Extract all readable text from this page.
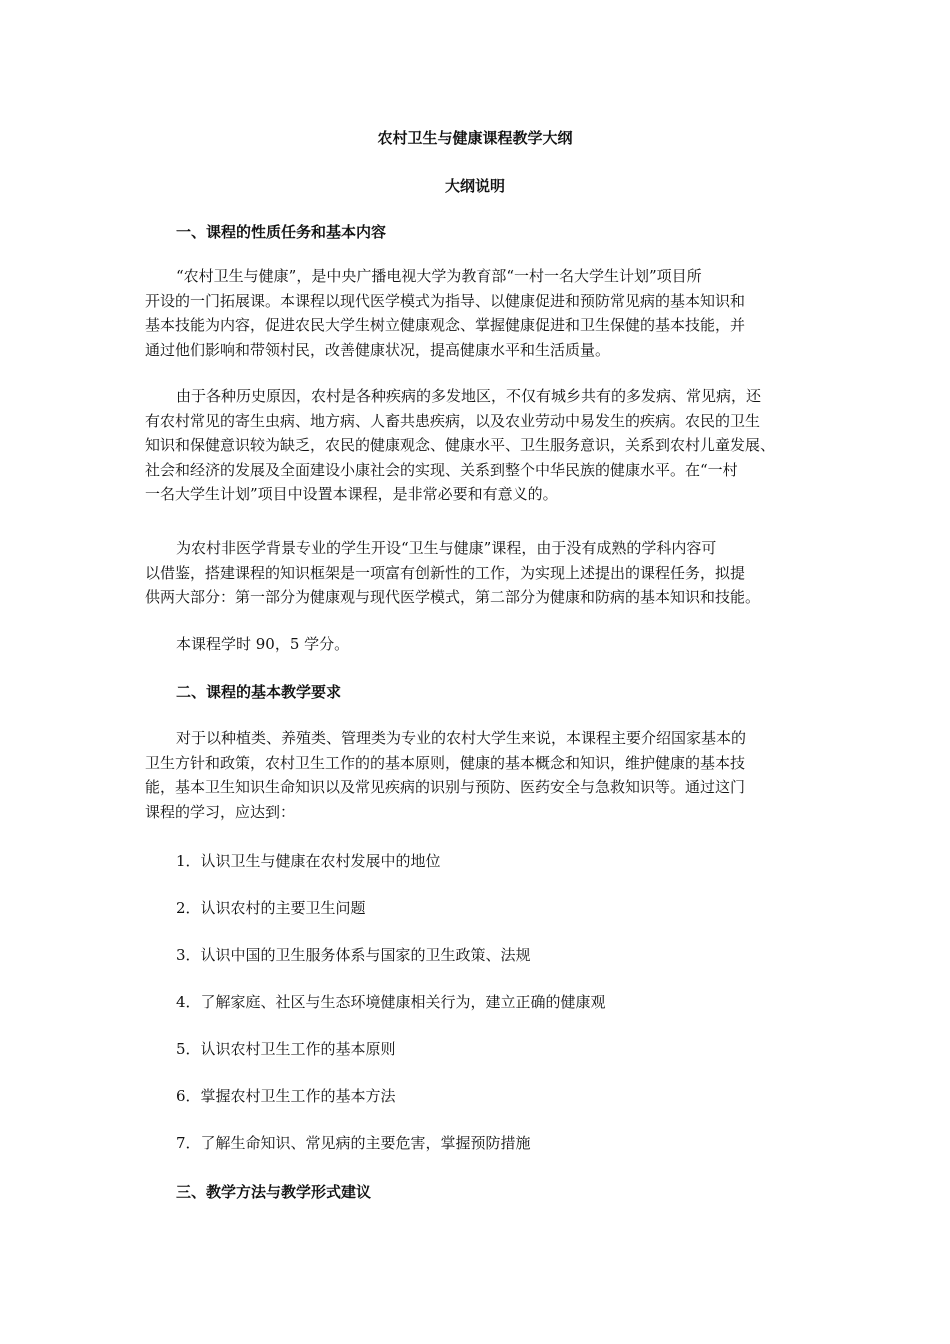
农村卫生与健康课程教学大纲
大纲说明
一、课程的性质任务和基本内容

“农村卫生与健康”，是中央广播电视大学为教育部“一村一名大学生计划”项目所
开设的一门拓展课。本课程以现代医学模式为指导、以健康促进和预防常见病的基本知识和
基本技能为内容，促进农民大学生树立健康观念、掌握健康促进和卫生保健的基本技能，并
通过他们影响和带领村民，改善健康状况，提高健康水平和生活质量。

由于各种历史原因，农村是各种疾病的多发地区，不仅有城乡共有的多发病、常见病，还
有农村常见的寄生虫病、地方病、人畜共患疾病，以及农业劳动中易发生的疾病。农民的卫生
知识和保健意识较为缺乏，农民的健康观念、健康水平、卫生服务意识，关系到农村儿童发展、
社会和经济的发展及全面建设小康社会的实现、关系到整个中华民族的健康水平。在“一村
一名大学生计划”项目中设置本课程，是非常必要和有意义的。

为农村非医学背景专业的学生开设“卫生与健康”课程，由于没有成熟的学科内容可
以借鉴，搭建课程的知识框架是一项富有创新性的工作，为实现上述提出的课程任务，拟提
供两大部分：第一部分为健康观与现代医学模式，第二部分为健康和防病的基本知识和技能。

本课程学时 90，5 学分。

二、课程的基本教学要求

对于以种植类、养殖类、管理类为专业的农村大学生来说，本课程主要介绍国家基本的
卫生方针和政策，农村卫生工作的的基本原则，健康的基本概念和知识，维护健康的基本技
能，基本卫生知识生命知识以及常见疾病的识别与预防、医药安全与急救知识等。通过这门
课程的学习，应达到：

1．认识卫生与健康在农村发展中的地位
2．认识农村的主要卫生问题
3．认识中国的卫生服务体系与国家的卫生政策、法规
4．了解家庭、社区与生态环境健康相关行为，建立正确的健康观
5．认识农村卫生工作的基本原则
6．掌握农村卫生工作的基本方法
7．了解生命知识、常见病的主要危害，掌握预防措施
三、教学方法与教学形式建议
